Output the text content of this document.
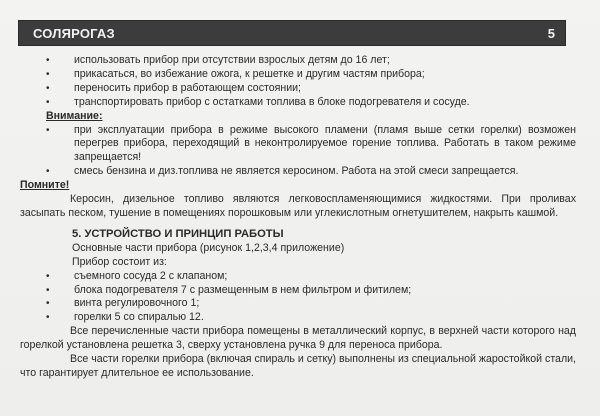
СОЛЯРОГАЗ	5
• использовать прибор при отсутствии взрослых детям до 16 лет;
• прикасаться, во избежание ожога, к решетке и другим частям прибора;
• переносить прибор в работающем состоянии;
• транспортировать прибор с остатками топлива в блоке подогревателя и сосуде.
Внимание:
• при эксплуатации прибора в режиме высокого пламени (пламя выше сетки горелки) возможен перегрев прибора, переходящий в неконтролируемое горение топлива. Работать в таком режиме запрещается!
• смесь бензина и диз.топлива не является керосином. Работа на этой смеси запрещается.
Помните!
Керосин, дизельное топливо являются легковоспламеняющимися жидкостями. При проливах засыпать песком, тушение в помещениях порошковым или углекислотным огнетушителем, накрыть кашмой.
5. УСТРОЙСТВО И ПРИНЦИП РАБОТЫ
Основные части прибора (рисунок 1,2,3,4 приложение)
Прибор состоит из:
• съемного сосуда 2 с клапаном;
• блока подогревателя 7 с размещенным в нем фильтром и фитилем;
• винта регулировочного 1;
• горелки 5 со спиралью 12.
Все перечисленные части прибора помещены в металлический корпус, в верхней части которого над горелкой установлена решетка 3, сверху установлена ручка 9 для переноса прибора.
Все части горелки прибора (включая спираль и сетку) выполнены из специальной жаростойкой стали, что гарантирует длительное ее использование.
